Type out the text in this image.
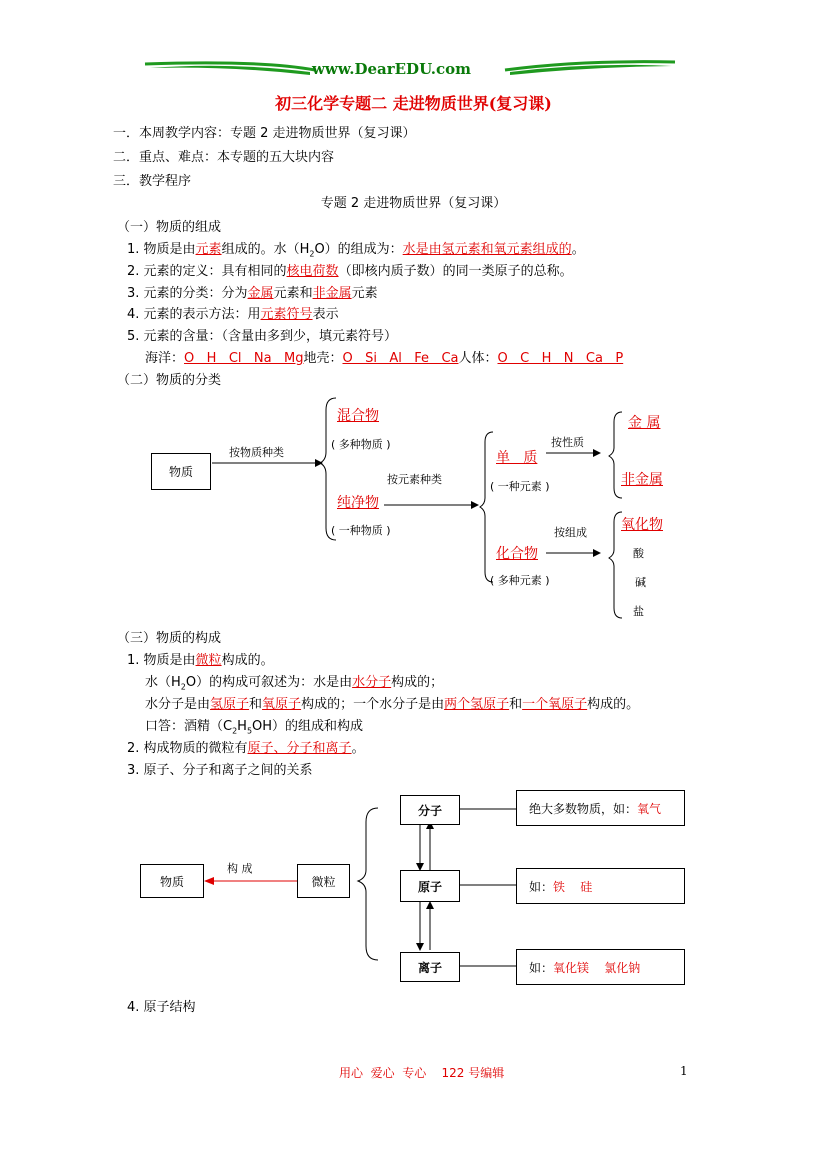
www.DearEDU.com
初三化学专题二 走进物质世界(复习课)
一．本周教学内容：专题 2 走进物质世界（复习课）
二．重点、难点：本专题的五大块内容
三．教学程序
专题 2 走进物质世界（复习课）
（一）物质的组成
1. 物质是由元素组成的。水$(H_2O)$的组成为：水是由氢元素和氧元素组成的。
2. 元素的定义：具有相同的核电荷数（即核内质子数）的同一类原子的总称。
3. 元素的分类：分为金属元素和非金属元素
4. 元素的表示方法：用元素符号表示
5. 元素的含量：（含量由多到少，填元素符号）
海洋：O   H   Cl   Na   Mg地壳：O   Si   Al   Fe   Ca人体：O   C   H   N   Ca   P
（二）物质的分类
物质
按物质种类
混合物
( 多种物质 )
纯净物
( 一种物质 )
按元素种类
单   质
( 一种元素 )
化合物
( 多种元素 )
按性质
按组成
金 属
非金属
氧化物
酸
碱
盐
（三）物质的构成
1. 物质是由微粒构成的。
水$(H_2O)$的构成可叙述为：水是由水分子构成的；
水分子是由氢原子和氧原子构成的；一个水分子是由两个氢原子和一个氧原子构成的。
口答：酒精$(C_2H_5OH)$的组成和构成
2. 构成物质的微粒有原子、分子和离子。
3. 原子、分子和离子之间的关系
物质
构 成
微粒
分子
原子
离子
绝大多数物质，如： 氧气
如： 铁    硅
如： 氧化镁    氯化钠
4. 原子结构
用心  爱心  专心    122 号编辑	1
